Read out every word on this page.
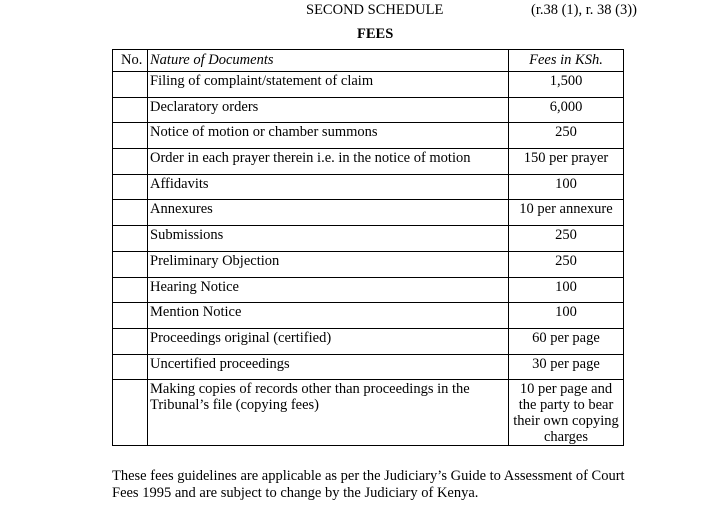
SECOND SCHEDULE	(r.38 (1), r. 38 (3))
FEES
No.	Nature of Documents	Fees in KSh.
	Filing of complaint/statement of claim	1,500
	Declaratory orders	6,000
	Notice of motion or chamber summons	250
	Order in each prayer therein i.e. in the notice of motion	150 per prayer
	Affidavits	100
	Annexures	10 per annexure
	Submissions	250
	Preliminary Objection	250
	Hearing Notice	100
	Mention Notice	100
	Proceedings original (certified)	60 per page
	Uncertified proceedings	30 per page
	Making copies of records other than proceedings in the Tribunal’s file (copying fees)	10 per page and the party to bear their own copying charges
These fees guidelines are applicable as per the Judiciary’s Guide to Assessment of Court Fees 1995 and are subject to change by the Judiciary of Kenya.
